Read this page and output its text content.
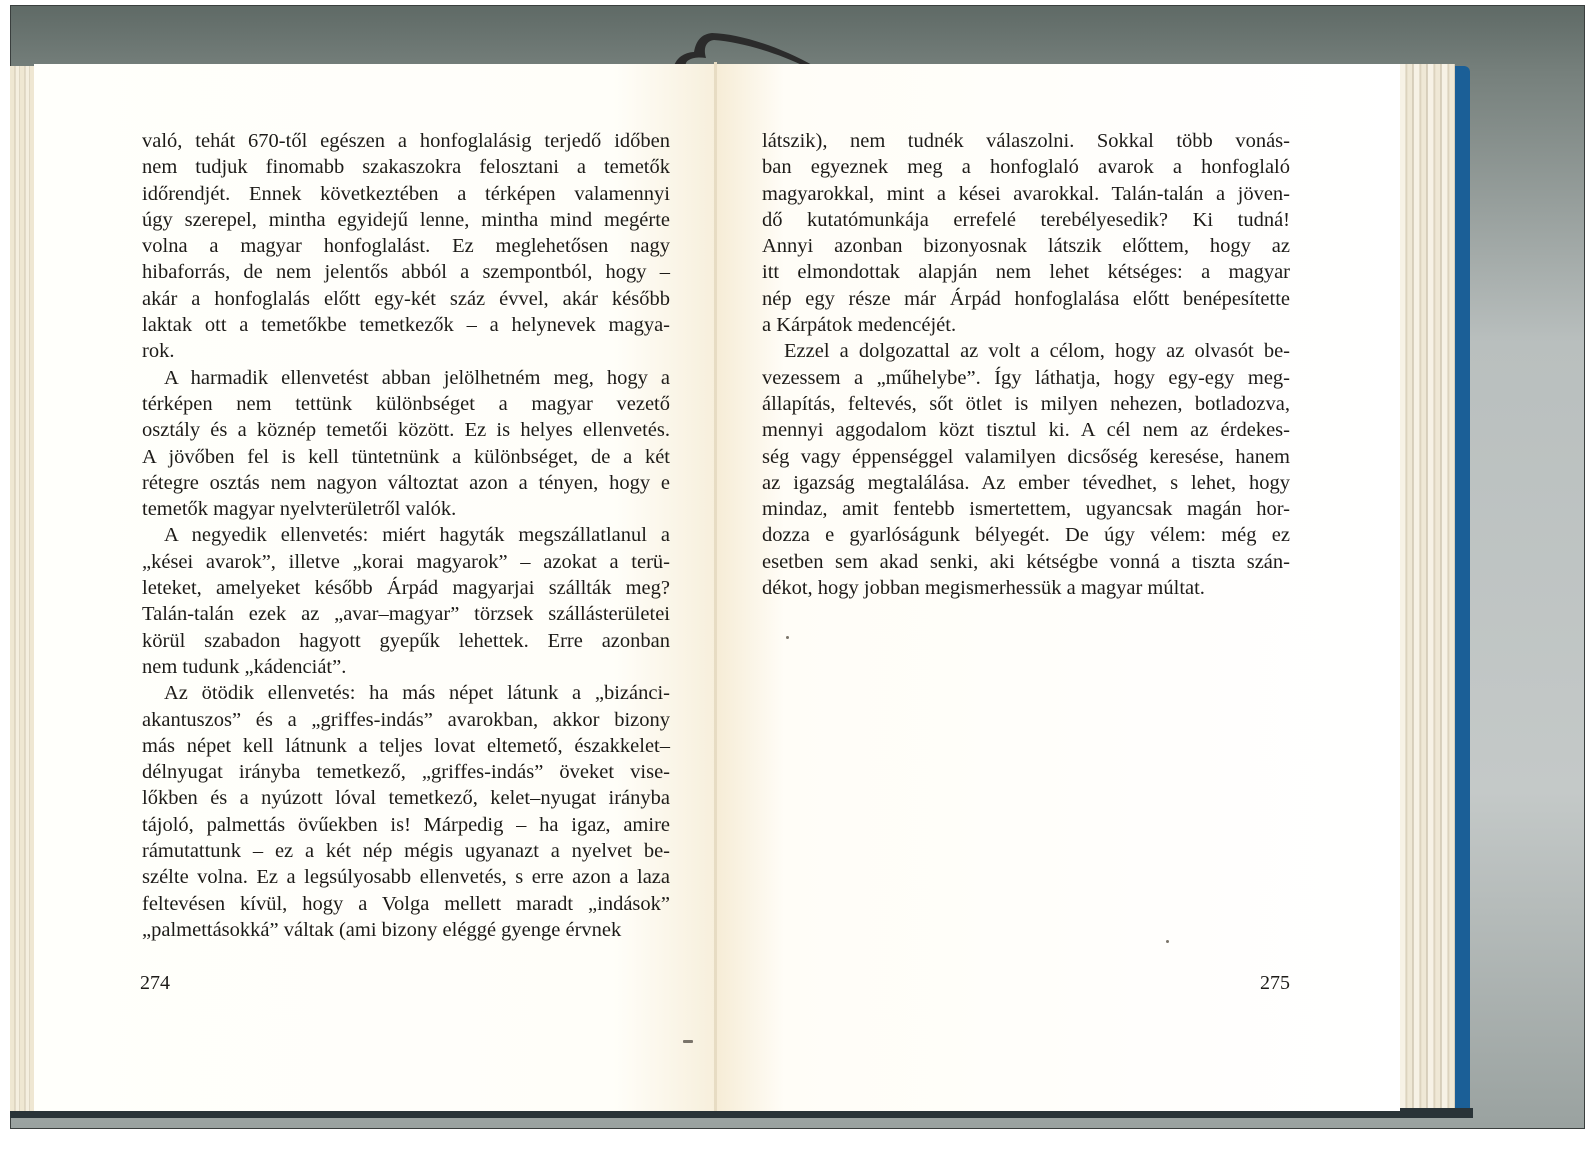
való, tehát 670-től egészen a honfoglalásig terjedő időben
nem tudjuk finomabb szakaszokra felosztani a temetők
időrendjét. Ennek következtében a térképen valamennyi
úgy szerepel, mintha egyidejű lenne, mintha mind megérte
volna a magyar honfoglalást. Ez meglehetősen nagy
hibaforrás, de nem jelentős abból a szempontból, hogy –
akár a honfoglalás előtt egy-két száz évvel, akár később
laktak ott a temetőkbe temetkezők – a helynevek magya-
rok.

A harmadik ellenvetést abban jelölhetném meg, hogy a
térképen nem tettünk különbséget a magyar vezető
osztály és a köznép temetői között. Ez is helyes ellenvetés.
A jövőben fel is kell tüntetnünk a különbséget, de a két
rétegre osztás nem nagyon változtat azon a tényen, hogy e
temetők magyar nyelvterületről valók.

A negyedik ellenvetés: miért hagyták megszállatlanul a
„kései avarok”, illetve „korai magyarok” – azokat a terü-
leteket, amelyeket később Árpád magyarjai szállták meg?
Talán-talán ezek az „avar–magyar” törzsek szállásterületei
körül szabadon hagyott gyepűk lehettek. Erre azonban
nem tudunk „kádenciát”.

Az ötödik ellenvetés: ha más népet látunk a „bizánci-
akantuszos” és a „griffes-indás” avarokban, akkor bizony
más népet kell látnunk a teljes lovat eltemető, északkelet–
délnyugat irányba temetkező, „griffes-indás” öveket vise-
lőkben és a nyúzott lóval temetkező, kelet–nyugat irányba
tájoló, palmettás övűekben is! Márpedig – ha igaz, amire
rámutattunk – ez a két nép mégis ugyanazt a nyelvet be-
szélte volna. Ez a legsúlyosabb ellenvetés, s erre azon a laza
feltevésen kívül, hogy a Volga mellett maradt „indások”
„palmettásokká” váltak (ami bizony eléggé gyenge érvnek

látszik), nem tudnék válaszolni. Sokkal több vonás-
ban egyeznek meg a honfoglaló avarok a honfoglaló
magyarokkal, mint a kései avarokkal. Talán-talán a jöven-
dő kutatómunkája errefelé terebélyesedik? Ki tudná!
Annyi azonban bizonyosnak látszik előttem, hogy az
itt elmondottak alapján nem lehet kétséges: a magyar
nép egy része már Árpád honfoglalása előtt benépesítette
a Kárpátok medencéjét.

Ezzel a dolgozattal az volt a célom, hogy az olvasót be-
vezessem a „műhelybe”. Így láthatja, hogy egy-egy meg-
állapítás, feltevés, sőt ötlet is milyen nehezen, botladozva,
mennyi aggodalom közt tisztul ki. A cél nem az érdekes-
ség vagy éppenséggel valamilyen dicsőség keresése, hanem
az igazság megtalálása. Az ember tévedhet, s lehet, hogy
mindaz, amit fentebb ismertettem, ugyancsak magán hor-
dozza e gyarlóságunk bélyegét. De úgy vélem: még ez
esetben sem akad senki, aki kétségbe vonná a tiszta szán-
dékot, hogy jobban megismerhessük a magyar múltat.

274	275
